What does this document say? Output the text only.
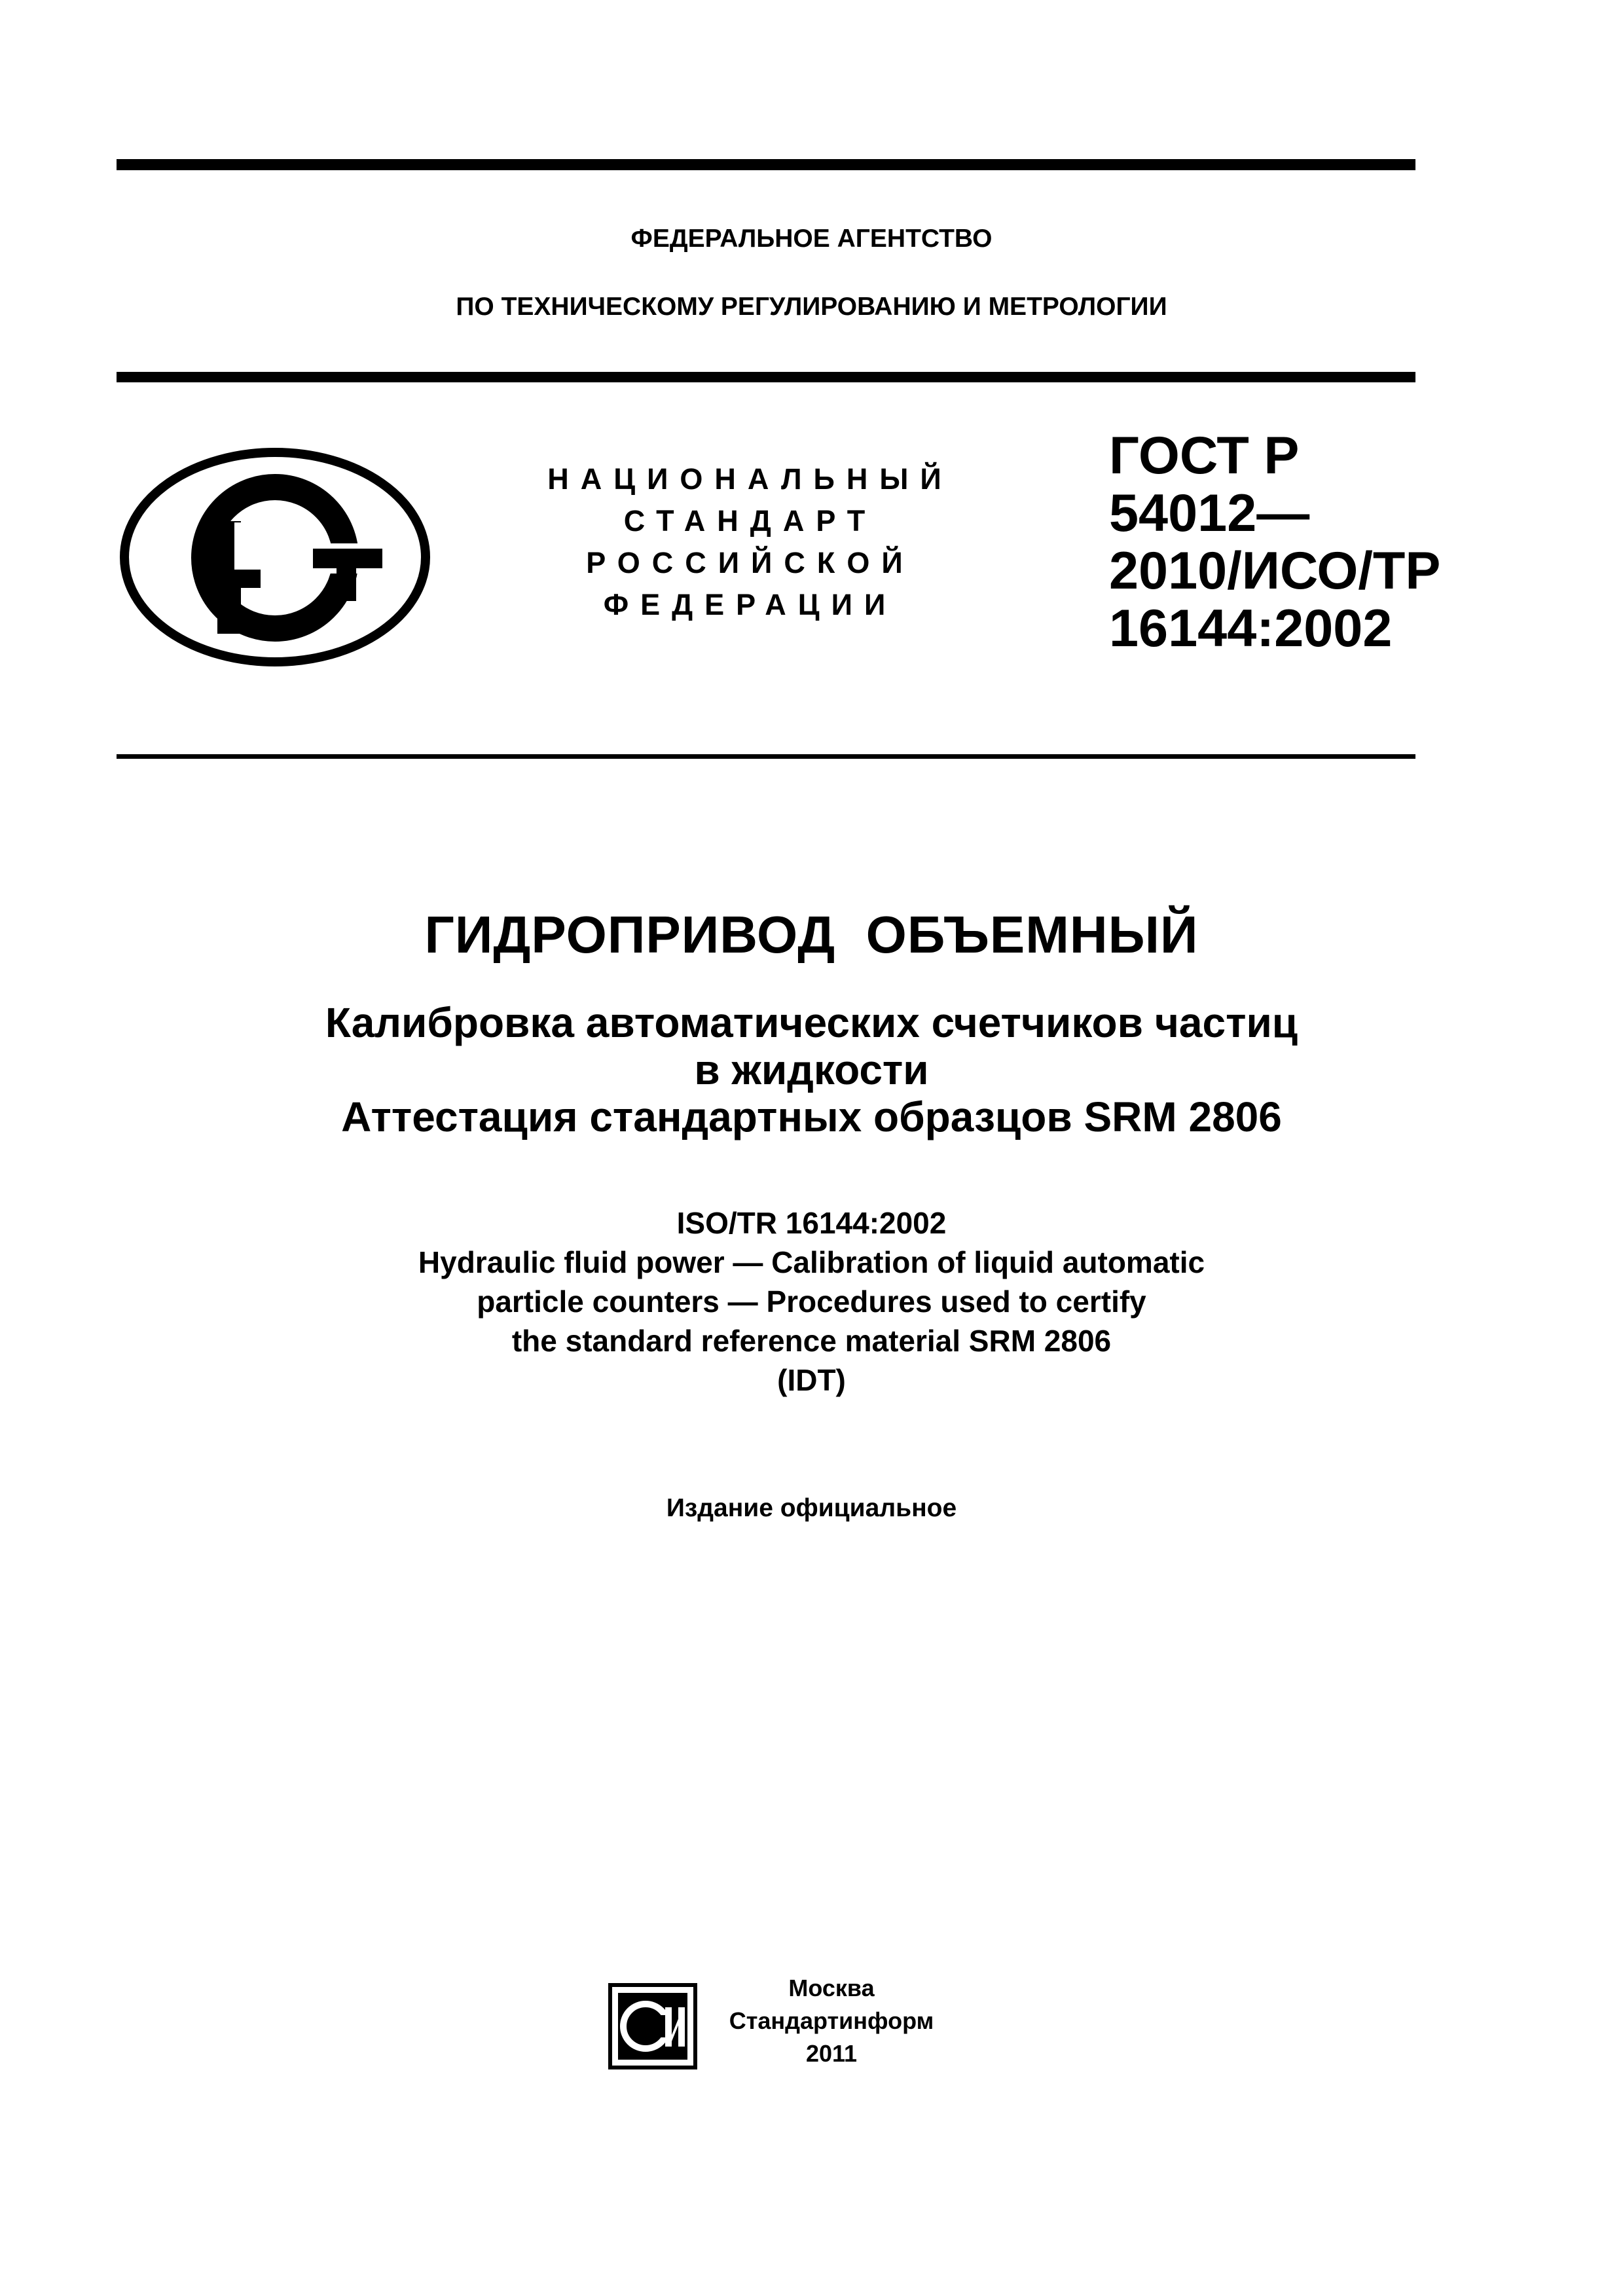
ФЕДЕРАЛЬНОЕ АГЕНТСТВО
ПО ТЕХНИЧЕСКОМУ РЕГУЛИРОВАНИЮ И МЕТРОЛОГИИ
НАЦИОНАЛЬНЫЙ
СТАНДАРТ
РОССИЙСКОЙ
ФЕДЕРАЦИИ
ГОСТ Р
54012—
2010/ИСО/ТР
16144:2002
ГИДРОПРИВОД  ОБЪЕМНЫЙ
Калибровка автоматических счетчиков частиц
в жидкости
Аттестация стандартных образцов SRM 2806
ISO/TR 16144:2002
Hydraulic fluid power — Calibration of liquid automatic
particle counters — Procedures used to certify
the standard reference material SRM 2806
(IDT)
Издание официальное
Москва
Стандартинформ
2011
